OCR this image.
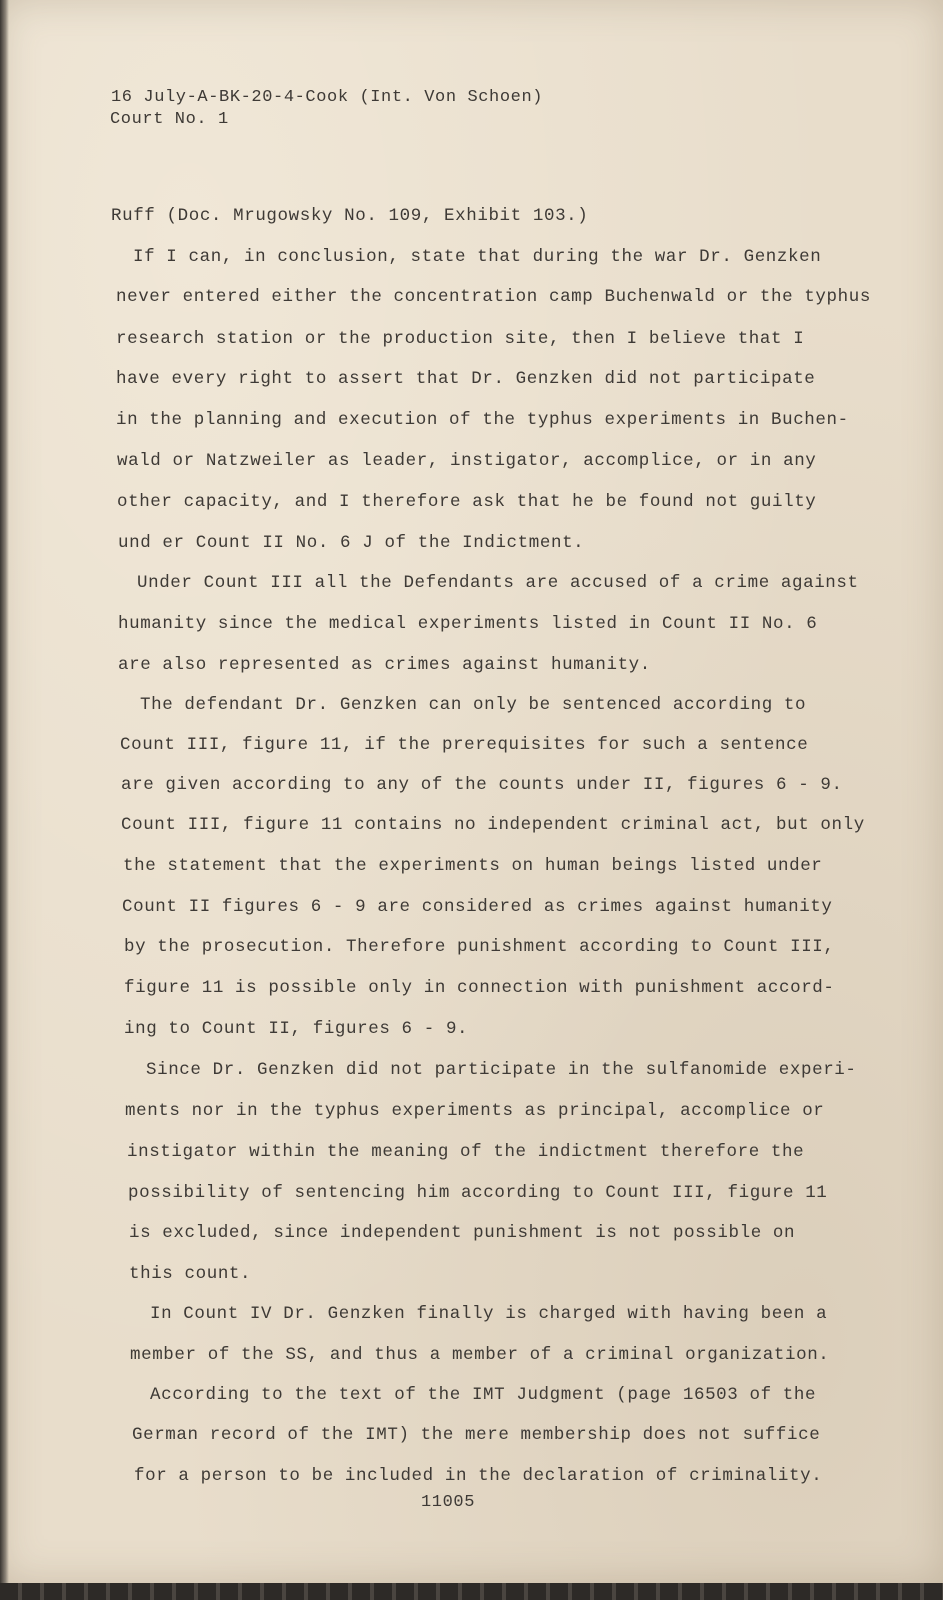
16 July-A-BK-20-4-Cook (Int. Von Schoen)
Court No. 1
Ruff (Doc. Mrugowsky No. 109, Exhibit 103.)
If I can, in conclusion, state that during the war Dr. Genzken
never entered either the concentration camp Buchenwald or the typhus
research station or the production site, then I believe that I
have every right to assert that Dr. Genzken did not participate
in the planning and execution of the typhus experiments in Buchen-
wald or Natzweiler as leader, instigator, accomplice, or in any
other capacity, and I therefore ask that he be found not guilty
und er Count II No. 6 J of the Indictment.
Under Count III all the Defendants are accused of a crime against
humanity since the medical experiments listed in Count II No. 6
are also represented as crimes against humanity.
The defendant Dr. Genzken can only be sentenced according to
Count III, figure 11, if the prerequisites for such a sentence
are given according to any of the counts under II, figures 6 - 9.
Count III, figure 11 contains no independent criminal act, but only
the statement that the experiments on human beings listed under
Count II figures 6 - 9 are considered as crimes against humanity
by the prosecution. Therefore punishment according to Count III,
figure 11 is possible only in connection with punishment accord-
ing to Count II, figures 6 - 9.
Since Dr. Genzken did not participate in the sulfanomide experi-
ments nor in the typhus experiments as principal, accomplice or
instigator within the meaning of the indictment therefore the
possibility of sentencing him according to Count III, figure 11
is excluded, since independent punishment is not possible on
this count.
In Count IV Dr. Genzken finally is charged with having been a
member of the SS, and thus a member of a criminal organization.
According to the text of the IMT Judgment (page 16503 of the
German record of the IMT) the mere membership does not suffice
for a person to be included in the declaration of criminality.
11005
